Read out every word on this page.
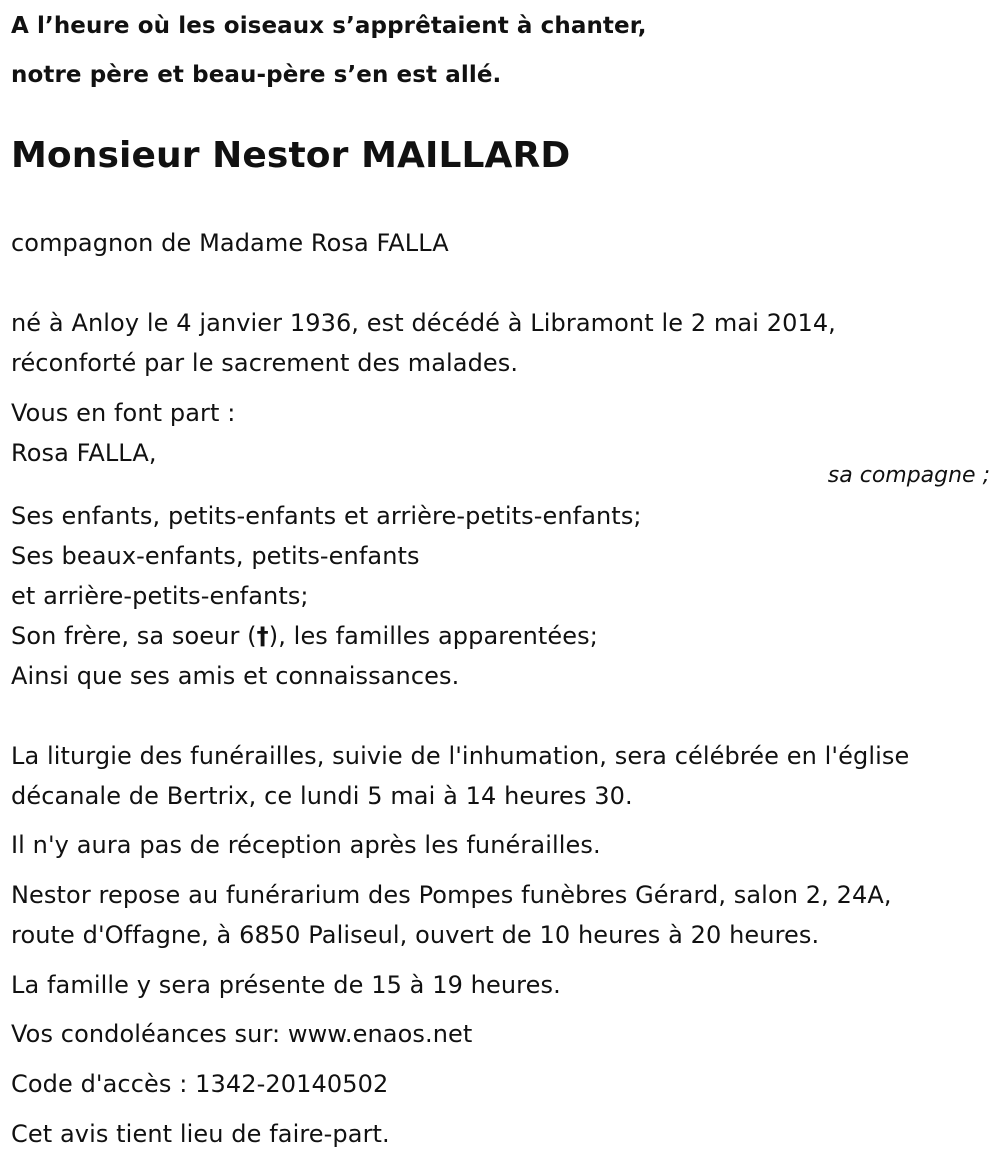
A l’heure où les oiseaux s’apprêtaient à chanter,
notre père et beau-père s’en est allé.
Monsieur Nestor MAILLARD
compagnon de Madame Rosa FALLA
né à Anloy le 4 janvier 1936, est décédé à Libramont le 2 mai 2014,
réconforté par le sacrement des malades.
Vous en font part :
Rosa FALLA,
sa compagne ;
Ses enfants, petits-enfants et arrière-petits-enfants;
Ses beaux-enfants, petits-enfants
et arrière-petits-enfants;
Son frère, sa soeur (†), les familles apparentées;
Ainsi que ses amis et connaissances.
La liturgie des funérailles, suivie de l'inhumation, sera célébrée en l'église
décanale de Bertrix, ce lundi 5 mai à 14 heures 30.
Il n'y aura pas de réception après les funérailles.
Nestor repose au funérarium des Pompes funèbres Gérard, salon 2, 24A,
route d'Offagne, à 6850 Paliseul, ouvert de 10 heures à 20 heures.
La famille y sera présente de 15 à 19 heures.
Vos condoléances sur: www.enaos.net
Code d'accès : 1342-20140502
Cet avis tient lieu de faire-part.
